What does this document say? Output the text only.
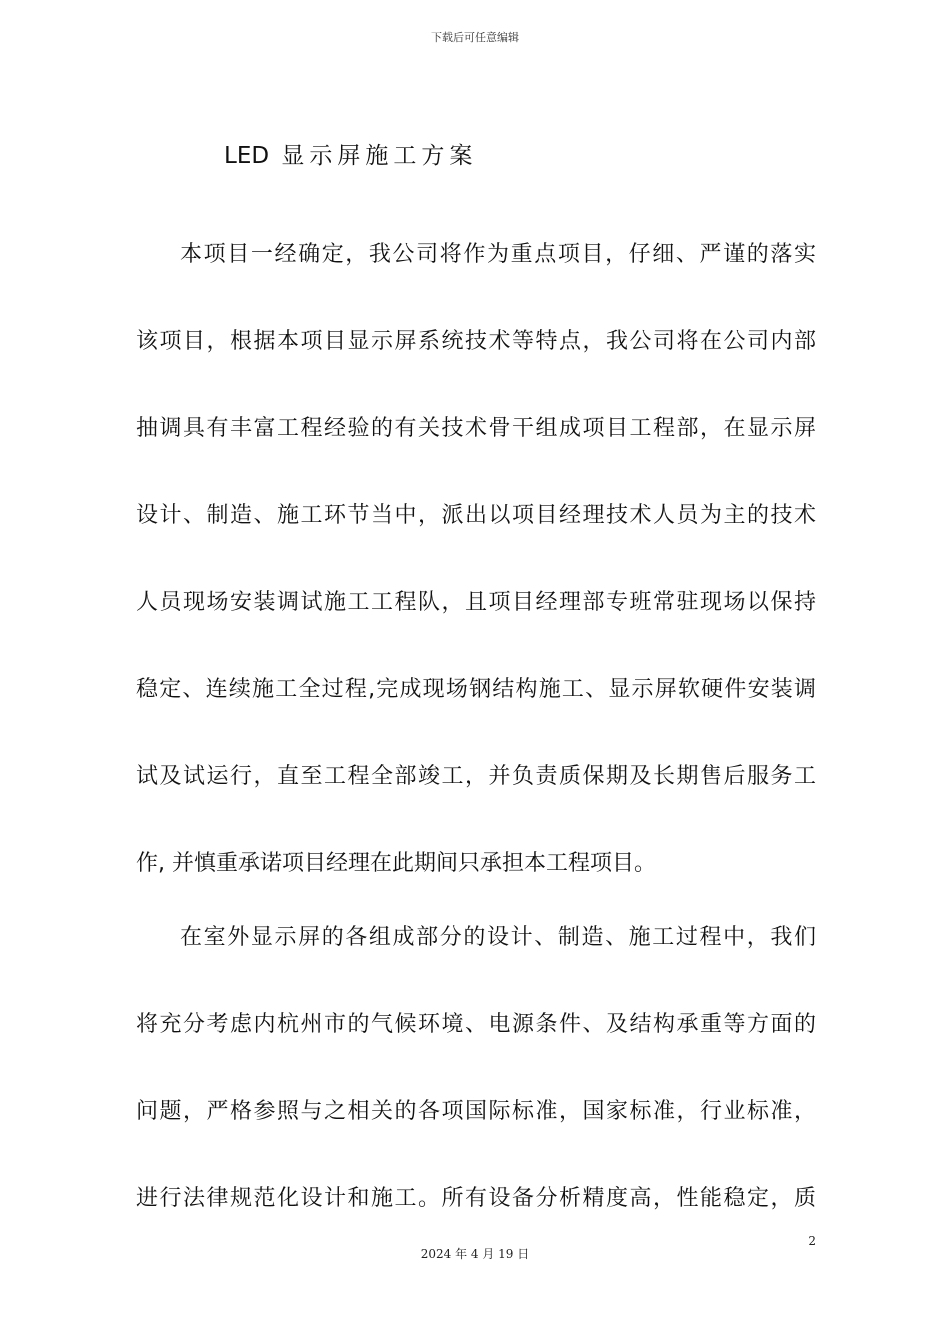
下载后可任意编辑
LED 显示屏施工方案
本项目一经确定，我公司将作为重点项目，仔细、严谨的落实
该项目，根据本项目显示屏系统技术等特点，我公司将在公司内部
抽调具有丰富工程经验的有关技术骨干组成项目工程部，在显示屏
设计、制造、施工环节当中，派出以项目经理技术人员为主的技术
人员现场安装调试施工工程队，且项目经理部专班常驻现场以保持
稳定、连续施工全过程,完成现场钢结构施工、显示屏软硬件安装调
试及试运行，直至工程全部竣工，并负责质保期及长期售后服务工
作, 并慎重承诺项目经理在此期间只承担本工程项目。
在室外显示屏的各组成部分的设计、制造、施工过程中，我们
将充分考虑内杭州市的气候环境、电源条件、及结构承重等方面的
问题，严格参照与之相关的各项国际标准，国家标准，行业标准，
进行法律规范化设计和施工。所有设备分析精度高，性能稳定，质
2
2024 年 4 月 19 日
